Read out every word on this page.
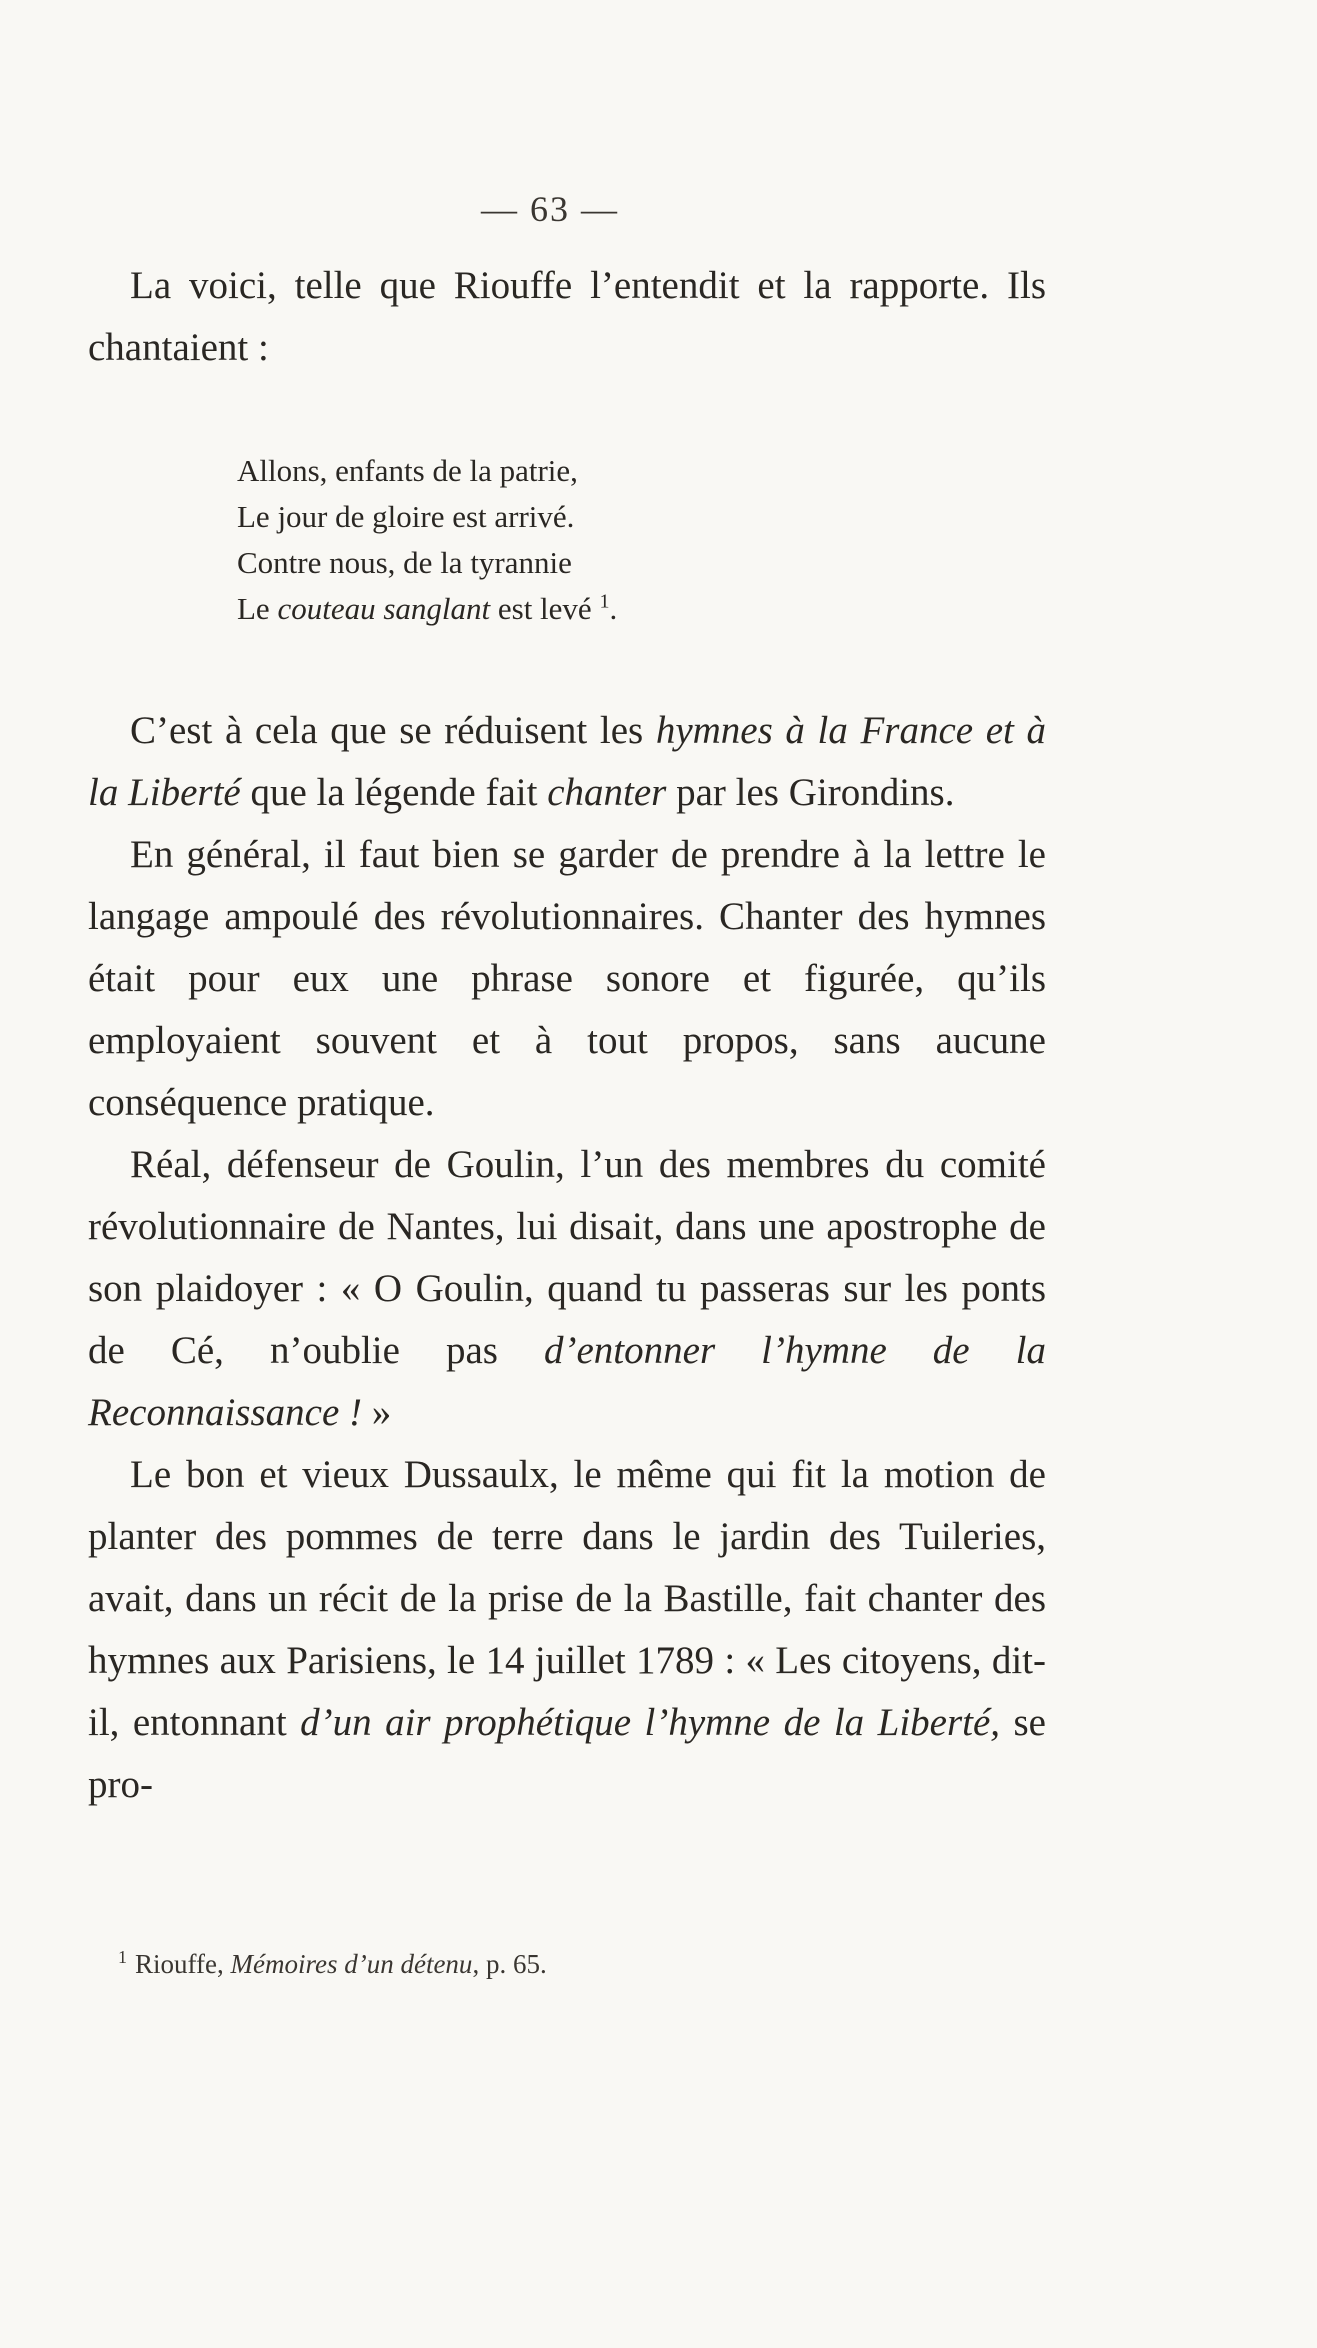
— 63 —

La voici, telle que Riouffe l’entendit et la rapporte. Ils chantaient :

Allons, enfants de la patrie,
Le jour de gloire est arrivé.
Contre nous, de la tyrannie
Le couteau sanglant est levé $^1$.

C’est à cela que se réduisent les hymnes à la France et à la Liberté que la légende fait chanter par les Girondins.

En général, il faut bien se garder de prendre à la lettre le langage ampoulé des révolutionnaires. Chanter des hymnes était pour eux une phrase sonore et figurée, qu’ils employaient souvent et à tout propos, sans aucune conséquence pratique.

Réal, défenseur de Goulin, l’un des membres du comité révolutionnaire de Nantes, lui disait, dans une apostrophe de son plaidoyer : « O Goulin, quand tu passeras sur les ponts de Cé, n’oublie pas d’entonner l’hymne de la Reconnaissance ! »

Le bon et vieux Dussaulx, le même qui fit la motion de planter des pommes de terre dans le jardin des Tuileries, avait, dans un récit de la prise de la Bastille, fait chanter des hymnes aux Parisiens, le 14 juillet 1789 : « Les citoyens, dit-il, entonnant d’un air prophétique l’hymne de la Liberté, se pro-

$^1$ Riouffe, Mémoires d’un détenu, p. 65.
